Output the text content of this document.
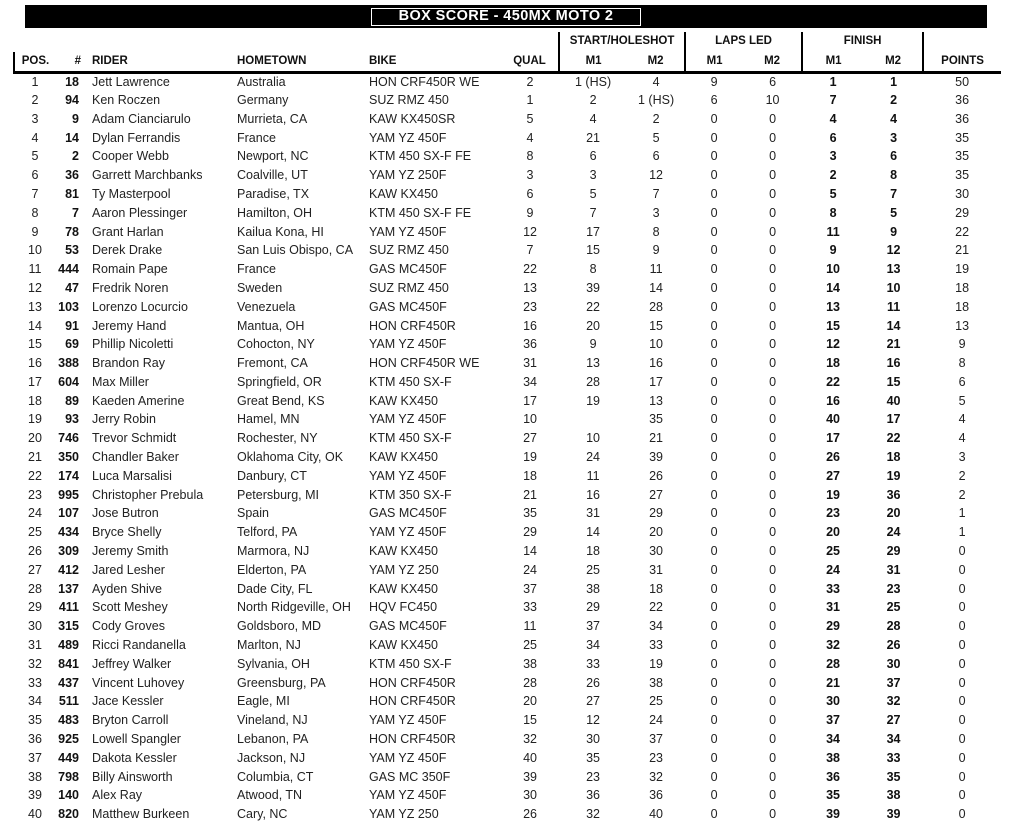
BOX SCORE - 450MX MOTO 2
						START/HOLESHOT		LAPS LED		FINISH		
POS.	#	RIDER	HOMETOWN	BIKE	QUAL	M1	M2	M1	M2	M1	M2	POINTS
1	18	Jett Lawrence	Australia	HON CRF450R WE	2	1 (HS)	4	9	6	1	1	50
2	94	Ken Roczen	Germany	SUZ RMZ 450	1	2	1 (HS)	6	10	7	2	36
3	9	Adam Cianciarulo	Murrieta, CA	KAW KX450SR	5	4	2	0	0	4	4	36
4	14	Dylan Ferrandis	France	YAM YZ 450F	4	21	5	0	0	6	3	35
5	2	Cooper Webb	Newport, NC	KTM 450 SX-F FE	8	6	6	0	0	3	6	35
6	36	Garrett Marchbanks	Coalville, UT	YAM YZ 250F	3	3	12	0	0	2	8	35
7	81	Ty Masterpool	Paradise, TX	KAW KX450	6	5	7	0	0	5	7	30
8	7	Aaron Plessinger	Hamilton, OH	KTM 450 SX-F FE	9	7	3	0	0	8	5	29
9	78	Grant Harlan	Kailua Kona, HI	YAM YZ 450F	12	17	8	0	0	11	9	22
10	53	Derek Drake	San Luis Obispo, CA	SUZ RMZ 450	7	15	9	0	0	9	12	21
11	444	Romain Pape	France	GAS MC450F	22	8	11	0	0	10	13	19
12	47	Fredrik Noren	Sweden	SUZ RMZ 450	13	39	14	0	0	14	10	18
13	103	Lorenzo Locurcio	Venezuela	GAS MC450F	23	22	28	0	0	13	11	18
14	91	Jeremy Hand	Mantua, OH	HON CRF450R	16	20	15	0	0	15	14	13
15	69	Phillip Nicoletti	Cohocton, NY	YAM YZ 450F	36	9	10	0	0	12	21	9
16	388	Brandon Ray	Fremont, CA	HON CRF450R WE	31	13	16	0	0	18	16	8
17	604	Max Miller	Springfield, OR	KTM 450 SX-F	34	28	17	0	0	22	15	6
18	89	Kaeden Amerine	Great Bend, KS	KAW KX450	17	19	13	0	0	16	40	5
19	93	Jerry Robin	Hamel, MN	YAM YZ 450F	10		35	0	0	40	17	4
20	746	Trevor Schmidt	Rochester, NY	KTM 450 SX-F	27	10	21	0	0	17	22	4
21	350	Chandler Baker	Oklahoma City, OK	KAW KX450	19	24	39	0	0	26	18	3
22	174	Luca Marsalisi	Danbury, CT	YAM YZ 450F	18	11	26	0	0	27	19	2
23	995	Christopher Prebula	Petersburg, MI	KTM 350 SX-F	21	16	27	0	0	19	36	2
24	107	Jose Butron	Spain	GAS MC450F	35	31	29	0	0	23	20	1
25	434	Bryce Shelly	Telford, PA	YAM YZ 450F	29	14	20	0	0	20	24	1
26	309	Jeremy Smith	Marmora, NJ	KAW KX450	14	18	30	0	0	25	29	0
27	412	Jared Lesher	Elderton, PA	YAM YZ 250	24	25	31	0	0	24	31	0
28	137	Ayden Shive	Dade City, FL	KAW KX450	37	38	18	0	0	33	23	0
29	411	Scott Meshey	North Ridgeville, OH	HQV FC450	33	29	22	0	0	31	25	0
30	315	Cody Groves	Goldsboro, MD	GAS MC450F	11	37	34	0	0	29	28	0
31	489	Ricci Randanella	Marlton, NJ	KAW KX450	25	34	33	0	0	32	26	0
32	841	Jeffrey Walker	Sylvania, OH	KTM 450 SX-F	38	33	19	0	0	28	30	0
33	437	Vincent Luhovey	Greensburg, PA	HON CRF450R	28	26	38	0	0	21	37	0
34	511	Jace Kessler	Eagle, MI	HON CRF450R	20	27	25	0	0	30	32	0
35	483	Bryton Carroll	Vineland, NJ	YAM YZ 450F	15	12	24	0	0	37	27	0
36	925	Lowell Spangler	Lebanon, PA	HON CRF450R	32	30	37	0	0	34	34	0
37	449	Dakota Kessler	Jackson, NJ	YAM YZ 450F	40	35	23	0	0	38	33	0
38	798	Billy Ainsworth	Columbia, CT	GAS MC 350F	39	23	32	0	0	36	35	0
39	140	Alex Ray	Atwood, TN	YAM YZ 450F	30	36	36	0	0	35	38	0
40	820	Matthew Burkeen	Cary, NC	YAM YZ 250	26	32	40	0	0	39	39	0
